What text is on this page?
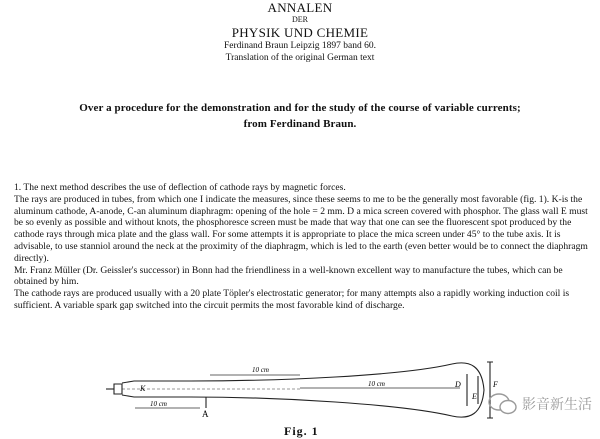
ANNALEN
DER
PHYSIK UND CHEMIE
Ferdinand Braun Leipzig 1897 band 60.
Translation of the original German text
Over a procedure for the demonstration and for the study of the course of variable currents;
from Ferdinand Braun.

1. The next method describes the use of deflection of cathode rays by magnetic forces.

The rays are produced in tubes, from which one I indicate the measures, since these seems to me to be the generally most favorable (fig. 1). K-is the aluminum cathode, A-anode, C-an aluminum diaphragm: opening of the hole = 2 mm. D a mica screen covered with phosphor. The glass wall E must be so evenly as possible and without knots, the phosphoresce screen must be made that way that one can see the fluorescent spot produced by the cathode rays through mica plate and the glass wall. For some attempts it is appropriate to place the mica screen under 45° to the tube axis. It is advisable, to use stanniol around the neck at the proximity of the diaphragm, which is led to the earth (even better would be to connect the diaphragm directly).

Mr. Franz Müller (Dr. Geissler's successor) in Bonn had the friendliness in a well-known excellent way to manufacture the tubes, which can be obtained by him.

The cathode rays are produced usually with a 20 plate Töpler's electrostatic generator; for many attempts also a rapidly working induction coil is sufficient. A variable spark gap switched into the circuit permits the most favorable kind of discharge.

K
A
D
E
F
10 cm
10 cm
10 cm
Fig. 1
影音新生活
